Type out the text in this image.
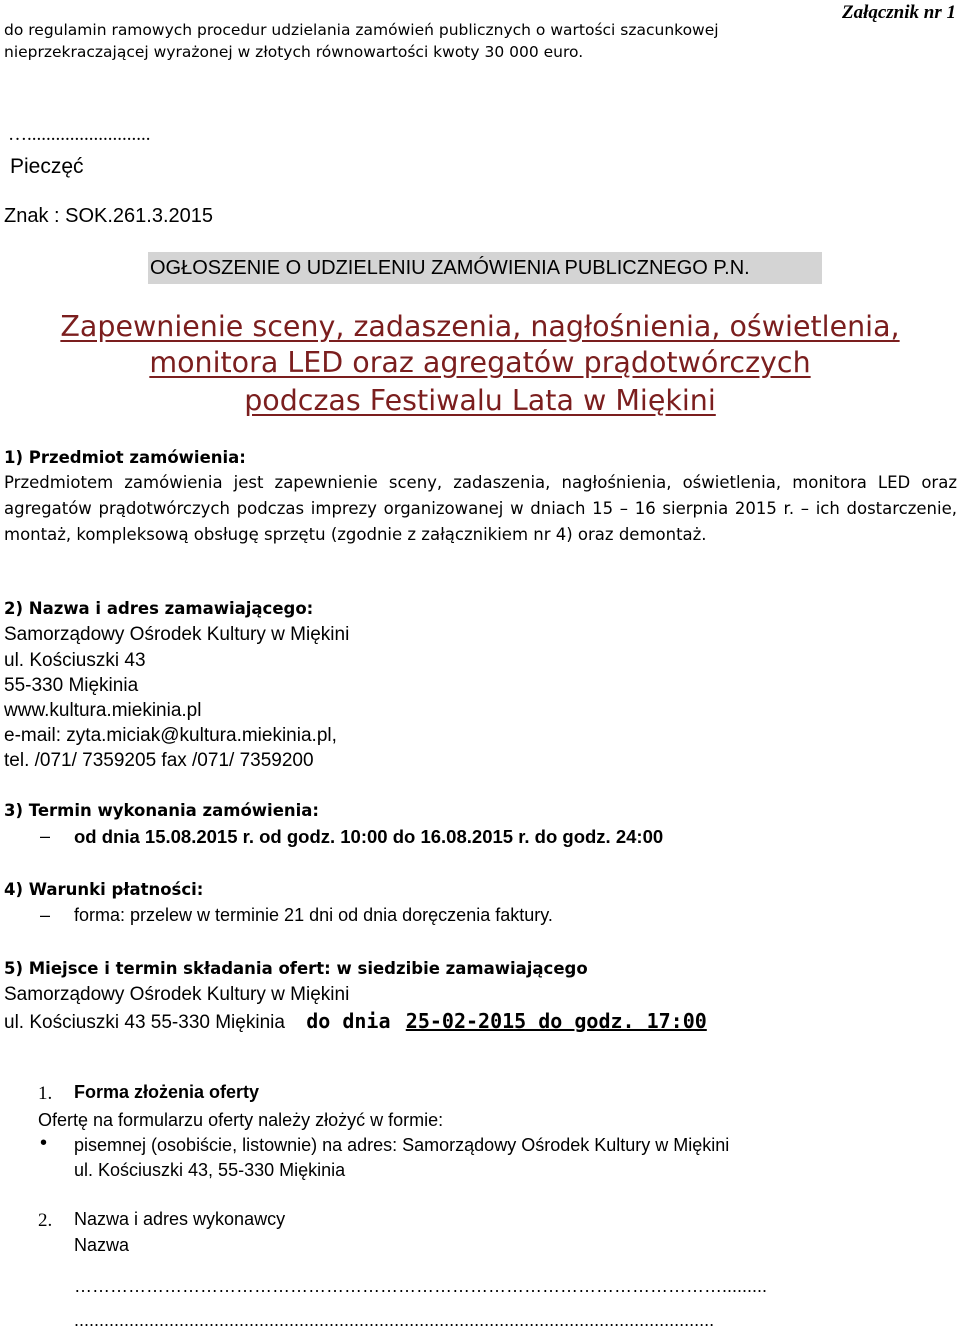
Załącznik nr 1
do regulamin ramowych procedur udzielania zamówień publicznych o wartości szacunkowej
nieprzekraczającej wyrażonej w złotych równowartości kwoty 30 000 euro.
…..........................
Pieczęć
Znak : SOK.261.3.2015
OGŁOSZENIE O UDZIELENIU ZAMÓWIENIA PUBLICZNEGO P.N.
Zapewnienie sceny, zadaszenia, nagłośnienia, oświetlenia,
monitora LED oraz agregatów prądotwórczych
podczas Festiwalu Lata w Miękini
1) Przedmiot zamówienia:
Przedmiotem zamówienia jest zapewnienie sceny, zadaszenia, nagłośnienia, oświetlenia, monitora LED oraz agregatów prądotwórczych podczas imprezy organizowanej w dniach 15 – 16 sierpnia 2015 r. – ich dostarczenie, montaż, kompleksową obsługę sprzętu (zgodnie z załącznikiem nr 4) oraz demontaż.
2) Nazwa i adres zamawiającego:
Samorządowy Ośrodek Kultury w Miękini
ul. Kościuszki 43
55-330 Miękinia
www.kultura.miekinia.pl
e-mail: zyta.miciak@kultura.miekinia.pl,
tel. /071/ 7359205 fax /071/ 7359200
3) Termin wykonania zamówienia:
– od dnia 15.08.2015 r. od godz. 10:00 do 16.08.2015 r. do godz. 24:00
4) Warunki płatności:
– forma: przelew w terminie 21 dni od dnia doręczenia faktury.
5) Miejsce i termin składania ofert: w siedzibie zamawiającego
Samorządowy Ośrodek Kultury w Miękini
ul. Kościuszki 43 55-330 Miękinia do dnia 25-02-2015 do godz. 17:00
1. Forma złożenia oferty
Ofertę na formularzu oferty należy złożyć w formie:
• pisemnej (osobiście, listownie) na adres: Samorządowy Ośrodek Kultury w Miękini
ul. Kościuszki 43, 55-330 Miękinia
2. Nazwa i adres wykonawcy
Nazwa
……………………………………………………………………………………………….........
................................................................................................................................
